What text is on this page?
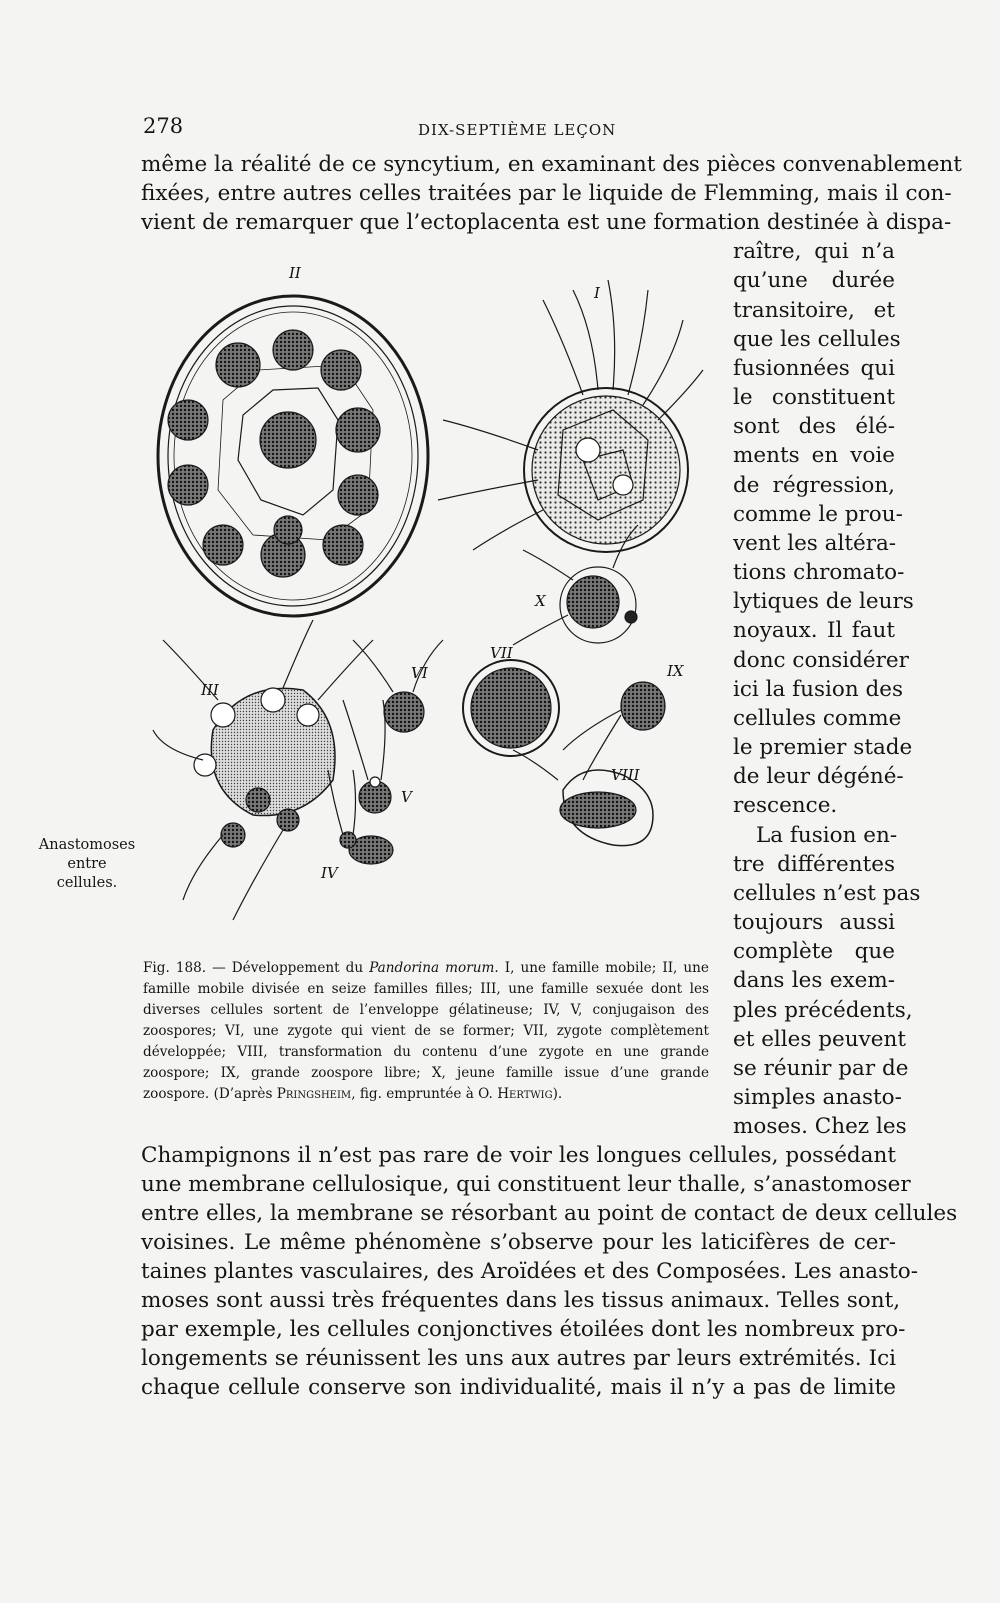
278	DIX-SEPTIÈME LEÇON
même la réalité de ce syncytium, en examinant des pièces convenablement
fixées, entre autres celles traitées par le liquide de Flemming, mais il con-
vient de remarquer que l’ectoplacenta est une formation destinée à dispa-
raître, qui n’a
qu’une durée
transitoire, et
que les cellules
fusionnées qui
le constituent
sont des élé-
ments en voie
de régression,
comme le prou-
vent les altéra-
tions chromato-
lytiques de leurs
noyaux. Il faut
donc considérer
ici la fusion des
cellules comme
le premier stade
de leur dégéné-
rescence.
La fusion en-
tre différentes
cellules n’est pas
toujours aussi
complète que
dans les exem-
ples précédents,
et elles peuvent
se réunir par de
simples anasto-
moses. Chez les
Champignons il n’est pas rare de voir les longues cellules, possédant
une membrane cellulosique, qui constituent leur thalle, s’anastomoser
entre elles, la membrane se résorbant au point de contact de deux cellules
voisines. Le même phénomène s’observe pour les laticifères de cer-
taines plantes vasculaires, des Aroïdées et des Composées. Les anasto-
moses sont aussi très fréquentes dans les tissus animaux. Telles sont,
par exemple, les cellules conjonctives étoilées dont les nombreux pro-
longements se réunissent les uns aux autres par leurs extrémités. Ici
chaque cellule conserve son individualité, mais il n’y a pas de limite
Anastomoses
entre
cellules.
II
I
III
VI
VII
IX
X
VIII
V
IV

Fig. 188. — Développement du Pandorina morum. I, une famille mobile; II, une famille mobile divisée en seize familles filles; III, une famille sexuée dont les diverses cellules sortent de l’enveloppe gélatineuse; IV, V, conjugaison des zoospores; VI, une zygote qui vient de se former; VII, zygote complètement développée; VIII, transformation du contenu d’une zygote en une grande zoospore; IX, grande zoospore libre; X, jeune famille issue d’une grande zoospore. (D’après Pringsheim, fig. empruntée à O. Hertwig).
